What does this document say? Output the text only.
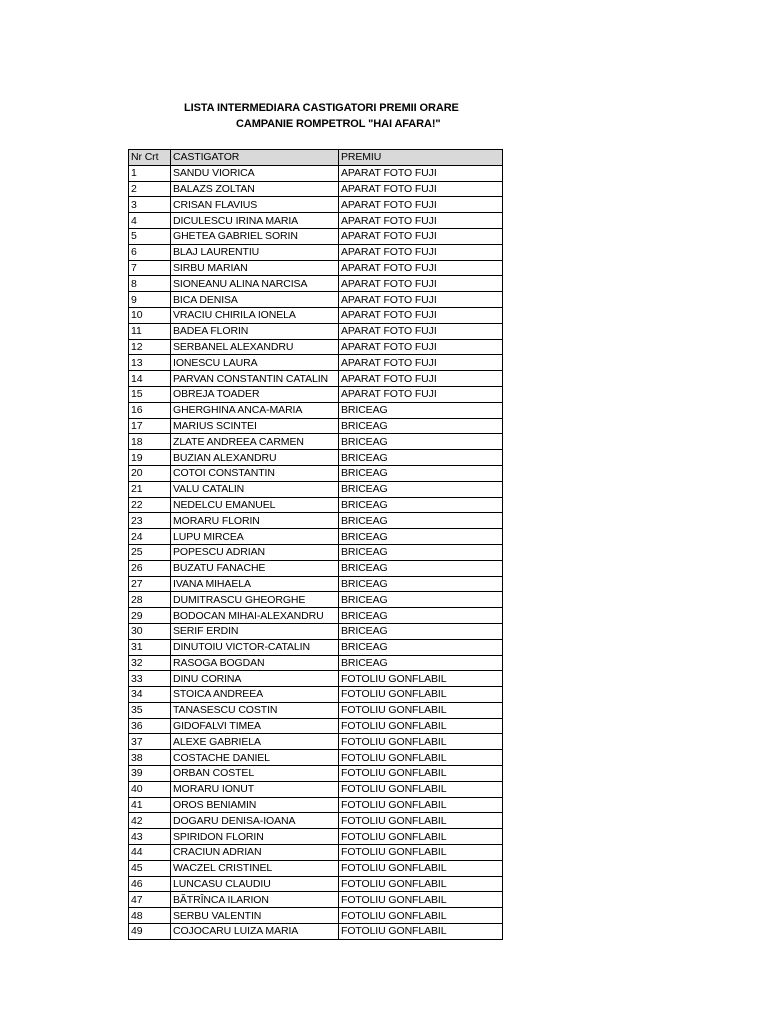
LISTA INTERMEDIARA CASTIGATORI PREMII ORARE
CAMPANIE ROMPETROL "HAI AFARA!"
Nr Crt	CASTIGATOR	PREMIU
1	SANDU VIORICA	APARAT FOTO FUJI
2	BALAZS ZOLTAN	APARAT FOTO FUJI
3	CRISAN FLAVIUS	APARAT FOTO FUJI
4	DICULESCU IRINA MARIA	APARAT FOTO FUJI
5	GHETEA GABRIEL SORIN	APARAT FOTO FUJI
6	BLAJ LAURENTIU	APARAT FOTO FUJI
7	SIRBU MARIAN	APARAT FOTO FUJI
8	SIONEANU ALINA NARCISA	APARAT FOTO FUJI
9	BICA DENISA	APARAT FOTO FUJI
10	VRACIU CHIRILA IONELA	APARAT FOTO FUJI
11	BADEA FLORIN	APARAT FOTO FUJI
12	SERBANEL ALEXANDRU	APARAT FOTO FUJI
13	IONESCU LAURA	APARAT FOTO FUJI
14	PARVAN CONSTANTIN CATALIN	APARAT FOTO FUJI
15	OBREJA TOADER	APARAT FOTO FUJI
16	GHERGHINA ANCA-MARIA	BRICEAG
17	MARIUS SCINTEI	BRICEAG
18	ZLATE ANDREEA CARMEN	BRICEAG
19	BUZIAN ALEXANDRU	BRICEAG
20	COTOI CONSTANTIN	BRICEAG
21	VALU CATALIN	BRICEAG
22	NEDELCU EMANUEL	BRICEAG
23	MORARU FLORIN	BRICEAG
24	LUPU MIRCEA	BRICEAG
25	POPESCU ADRIAN	BRICEAG
26	BUZATU FANACHE	BRICEAG
27	IVANA MIHAELA	BRICEAG
28	DUMITRASCU GHEORGHE	BRICEAG
29	BODOCAN MIHAI-ALEXANDRU	BRICEAG
30	SERIF ERDIN	BRICEAG
31	DINUTOIU VICTOR-CATALIN	BRICEAG
32	RASOGA BOGDAN	BRICEAG
33	DINU CORINA	FOTOLIU GONFLABIL
34	STOICA ANDREEA	FOTOLIU GONFLABIL
35	TANASESCU COSTIN	FOTOLIU GONFLABIL
36	GIDOFALVI TIMEA	FOTOLIU GONFLABIL
37	ALEXE GABRIELA	FOTOLIU GONFLABIL
38	COSTACHE DANIEL	FOTOLIU GONFLABIL
39	ORBAN COSTEL	FOTOLIU GONFLABIL
40	MORARU IONUT	FOTOLIU GONFLABIL
41	OROS BENIAMIN	FOTOLIU GONFLABIL
42	DOGARU DENISA-IOANA	FOTOLIU GONFLABIL
43	SPIRIDON FLORIN	FOTOLIU GONFLABIL
44	CRACIUN ADRIAN	FOTOLIU GONFLABIL
45	WACZEL CRISTINEL	FOTOLIU GONFLABIL
46	LUNCASU CLAUDIU	FOTOLIU GONFLABIL
47	BĂTRÎNCA ILARION	FOTOLIU GONFLABIL
48	SERBU VALENTIN	FOTOLIU GONFLABIL
49	COJOCARU LUIZA MARIA	FOTOLIU GONFLABIL
